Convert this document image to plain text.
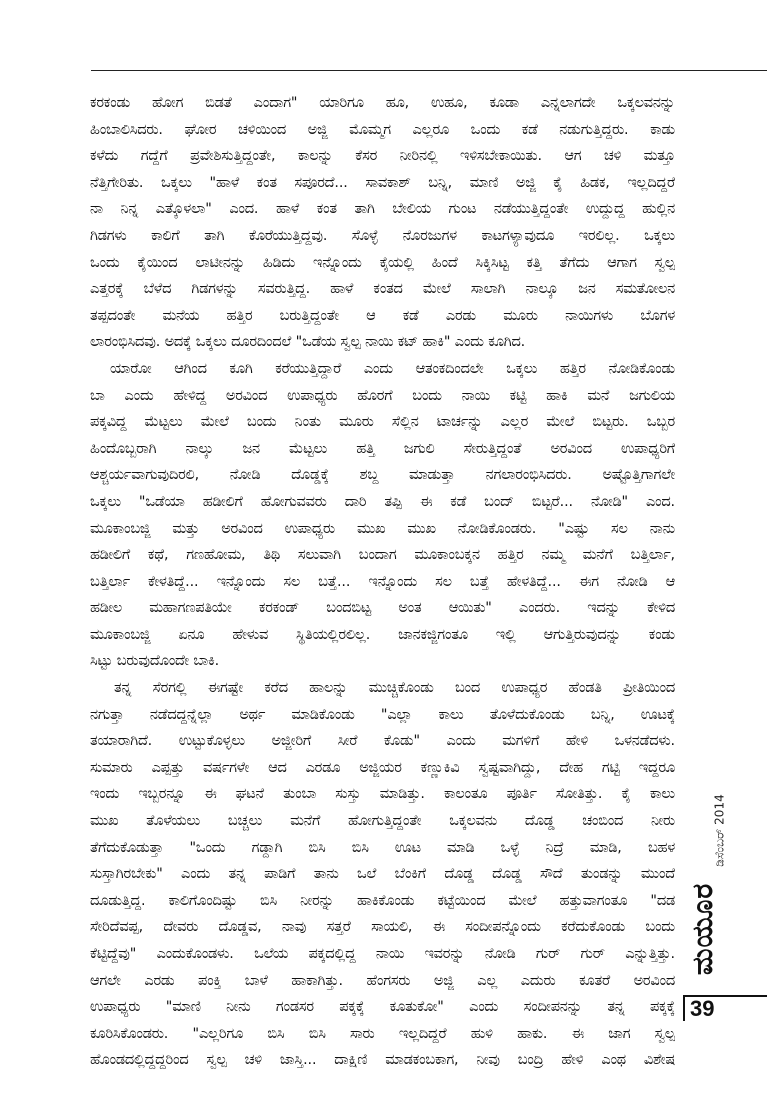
ಕರಕಂಡು ಹೋಗ ಬಿಡತೆ ಎಂದಾಗ" ಯಾರಿಗೂ ಹೂ, ಉಹೂ, ಕೂಡಾ ಎನ್ನಲಾಗದೇ ಒಕ್ಕಲವನನ್ನು

ಹಿಂಬಾಲಿಸಿದರು. ಘೋರ ಚಳಿಯಿಂದ ಅಜ್ಜಿ ಮೊಮ್ಮಗ ಎಲ್ಲರೂ ಒಂದು ಕಡೆ ನಡುಗುತ್ತಿದ್ದರು. ಕಾಡು

ಕಳೆದು ಗದ್ದೆಗೆ ಪ್ರವೇಶಿಸುತ್ತಿದ್ದಂತೇ, ಕಾಲನ್ನು ಕೆಸರ ನೀರಿನಲ್ಲಿ ಇಳಿಸಬೇಕಾಯಿತು. ಆಗ ಚಳಿ ಮತ್ತೂ

ನೆತ್ತಿಗೇರಿತು. ಒಕ್ಕಲು "ಹಾಳೆ ಕಂತ ಸಪೂರದೆ... ಸಾವಕಾಶ್ ಬನ್ನಿ, ಮಾಣಿ ಅಜ್ಜಿ ಕೈ ಹಿಡಕ, ಇಲ್ಲದಿದ್ದರೆ

ನಾ ನಿನ್ನ ಎತ್ಕೊಳಲಾ" ಎಂದ. ಹಾಳೆ ಕಂತ ತಾಗಿ ಬೇಲಿಯ ಗುಂಟ ನಡೆಯುತ್ತಿದ್ದಂತೇ ಉದ್ದುದ್ದ ಹುಲ್ಲಿನ

ಗಿಡಗಳು ಕಾಲಿಗೆ ತಾಗಿ ಕೊರೆಯುತ್ತಿದ್ದವು. ಸೊಳ್ಳೆ ನೊರಜುಗಳ ಕಾಟಗಳ್ಯಾವುದೂ ಇರಲಿಲ್ಲ. ಒಕ್ಕಲು

ಒಂದು ಕೈಯಿಂದ ಲಾಟೀನನ್ನು ಹಿಡಿದು ಇನ್ನೊಂದು ಕೈಯಲ್ಲಿ ಹಿಂದೆ ಸಿಕ್ಕಿಸಿಟ್ಟ ಕತ್ತಿ ತೆಗೆದು ಆಗಾಗ ಸ್ವಲ್ಪ

ಎತ್ತರಕ್ಕೆ ಬೆಳೆದ ಗಿಡಗಳನ್ನು ಸವರುತ್ತಿದ್ದ. ಹಾಳೆ ಕಂತದ ಮೇಲೆ ಸಾಲಾಗಿ ನಾಲ್ಕೂ ಜನ ಸಮತೋಲನ

ತಪ್ಪದಂತೇ ಮನೆಯ ಹತ್ತಿರ ಬರುತ್ತಿದ್ದಂತೇ ಆ ಕಡೆ ಎರಡು ಮೂರು ನಾಯಿಗಳು ಬೊಗಳ

ಲಾರಂಭಿಸಿದವು. ಅದಕ್ಕೆ ಒಕ್ಕಲು ದೂರದಿಂದಲೆ "ಒಡೆಯ ಸ್ವಲ್ಪ ನಾಯಿ ಕಟ್ ಹಾಕಿ" ಎಂದು ಕೂಗಿದ.

ಯಾರೋ ಆಗಿಂದ ಕೂಗಿ ಕರೆಯುತ್ತಿದ್ದಾರೆ ಎಂದು ಆತಂಕದಿಂದಲೇ ಒಕ್ಕಲು ಹತ್ತಿರ ನೋಡಿಕೊಂಡು

ಬಾ ಎಂದು ಹೇಳಿದ್ದ ಅರವಿಂದ ಉಪಾಧ್ಯರು ಹೊರಗೆ ಬಂದು ನಾಯಿ ಕಟ್ಟಿ ಹಾಕಿ ಮನೆ ಜಗುಲಿಯ

ಪಕ್ಕವಿದ್ದ ಮೆಟ್ಟಲು ಮೇಲೆ ಬಂದು ನಿಂತು ಮೂರು ಸೆಲ್ಲಿನ ಟಾರ್ಚನ್ನು ಎಲ್ಲರ ಮೇಲೆ ಬಿಟ್ಟರು. ಒಬ್ಬರ

ಹಿಂದೊಬ್ಬರಾಗಿ ನಾಲ್ಕು ಜನ ಮೆಟ್ಟಲು ಹತ್ತಿ ಜಗುಲಿ ಸೇರುತ್ತಿದ್ದಂತೆ ಅರವಿಂದ ಉಪಾಧ್ಯರಿಗೆ

ಆಶ್ಚರ್ಯವಾಗುವುದಿರಲಿ, ನೋಡಿ ದೊಡ್ಡಕ್ಕೆ ಶಬ್ದ ಮಾಡುತ್ತಾ ನಗಲಾರಂಭಿಸಿದರು. ಅಷ್ಟೊತ್ತಿಗಾಗಲೇ

ಒಕ್ಕಲು "ಒಡೆಯಾ ಹಡೀಲಿಗೆ ಹೋಗುವವರು ದಾರಿ ತಪ್ಪಿ ಈ ಕಡೆ ಬಂದ್ ಬಿಟ್ಟರೆ... ನೋಡಿ" ಎಂದ.

ಮೂಕಾಂಬಜ್ಜಿ ಮತ್ತು ಅರವಿಂದ ಉಪಾಧ್ಯರು ಮುಖ ಮುಖ ನೋಡಿಕೊಂಡರು. "ಎಷ್ಟು ಸಲ ನಾನು

ಹಡೀಲಿಗೆ ಕಥೆ, ಗಣಹೋಮ, ತಿಥಿ ಸಲುವಾಗಿ ಬಂದಾಗ ಮೂಕಾಂಬಕ್ಕನ ಹತ್ತಿರ ನಮ್ಮ ಮನೆಗೆ ಬತ್ತಿರ್ಲಾ,

ಬತ್ತಿರ್ಲಾ ಕೇಳತಿದ್ದೆ... ಇನ್ನೊಂದು ಸಲ ಬತ್ತೆ... ಇನ್ನೊಂದು ಸಲ ಬತ್ತೆ ಹೇಳತಿದ್ದೆ... ಈಗ ನೋಡಿ ಆ

ಹಡೀಲ ಮಹಾಗಣಪತಿಯೇ ಕರಕಂಡ್ ಬಂದಬಿಟ್ಟ ಅಂತ ಆಯಿತು" ಎಂದರು. ಇದನ್ನು ಕೇಳಿದ

ಮೂಕಾಂಬಜ್ಜಿ ಏನೂ ಹೇಳುವ ಸ್ಥಿತಿಯಲ್ಲಿರಲಿಲ್ಲ. ಜಾನಕಜ್ಜಿಗಂತೂ ಇಲ್ಲಿ ಆಗುತ್ತಿರುವುದನ್ನು ಕಂಡು

ಸಿಟ್ಟು ಬರುವುದೊಂದೇ ಬಾಕಿ.

ತನ್ನ ಸೆರಗಲ್ಲಿ ಈಗಷ್ಟೇ ಕರೆದ ಹಾಲನ್ನು ಮುಚ್ಚಿಕೊಂಡು ಬಂದ ಉಪಾಧ್ಯರ ಹೆಂಡತಿ ಪ್ರೀತಿಯಿಂದ

ನಗುತ್ತಾ ನಡೆದದ್ದನ್ನೆಲ್ಲಾ ಅರ್ಥ ಮಾಡಿಕೊಂಡು "ಎಲ್ಲಾ ಕಾಲು ತೊಳೆದುಕೊಂಡು ಬನ್ನಿ, ಊಟಕ್ಕೆ

ತಯಾರಾಗಿದೆ. ಉಟ್ಟುಕೊಳ್ಳಲು ಅಜ್ಜೀರಿಗೆ ಸೀರೆ ಕೊಡು" ಎಂದು ಮಗಳಿಗೆ ಹೇಳಿ ಒಳನಡೆದಳು.

ಸುಮಾರು ಎಪ್ಪತ್ತು ವರ್ಷಗಳೇ ಆದ ಎರಡೂ ಅಜ್ಜಿಯರ ಕಣ್ಣುಕಿವಿ ಸ್ವಷ್ಟವಾಗಿದ್ದು, ದೇಹ ಗಟ್ಟಿ ಇದ್ದರೂ

ಇಂದು ಇಬ್ಬರನ್ನೂ ಈ ಘಟನೆ ತುಂಬಾ ಸುಸ್ತು ಮಾಡಿತ್ತು. ಕಾಲಂತೂ ಪೂರ್ತಿ ಸೋತಿತ್ತು. ಕೈ ಕಾಲು

ಮುಖ ತೊಳೆಯಲು ಬಚ್ಚಲು ಮನೆಗೆ ಹೋಗುತ್ತಿದ್ದಂತೇ ಒಕ್ಕಲವನು ದೊಡ್ಡ ಚಂಬಿಂದ ನೀರು

ತೆಗೆದುಕೊಡುತ್ತಾ "ಒಂದು ಗಡ್ದಾಗಿ ಬಿಸಿ ಬಿಸಿ ಊಟ ಮಾಡಿ ಒಳ್ಳೆ ನಿದ್ರೆ ಮಾಡಿ, ಬಹಳ

ಸುಸ್ತಾಗಿರಬೇಕು" ಎಂದು ತನ್ನ ಪಾಡಿಗೆ ತಾನು ಒಲೆ ಬೆಂಕಿಗೆ ದೊಡ್ಡ ದೊಡ್ಡ ಸೌದೆ ತುಂಡನ್ನು ಮುಂದೆ

ದೂಡುತ್ತಿದ್ದ. ಕಾಲಿಗೊಂದಿಷ್ಟು ಬಿಸಿ ನೀರನ್ನು ಹಾಕಿಕೊಂಡು ಕಟ್ಟೆಯಿಂದ ಮೇಲೆ ಹತ್ತುವಾಗಂತೂ "ದಡ

ಸೇರಿದೆವಪ್ಪ, ದೇವರು ದೊಡ್ಡವ, ನಾವು ಸತ್ತರೆ ಸಾಯಲಿ, ಈ ಸಂದೀಪನ್ನೊಂದು ಕರೆದುಕೊಂಡು ಬಂದು

ಕೆಟ್ಟಿದ್ದೆವು" ಎಂದುಕೊಂಡಳು. ಒಲೆಯ ಪಕ್ಕದಲ್ಲಿದ್ದ ನಾಯಿ ಇವರನ್ನು ನೋಡಿ ಗುರ್ ಗುರ್ ಎನ್ನುತ್ತಿತ್ತು.

ಆಗಲೇ ಎರಡು ಪಂಕ್ತಿ ಬಾಳೆ ಹಾಕಾಗಿತ್ತು. ಹೆಂಗಸರು ಅಜ್ಜಿ ಎಲ್ಲ ಎದುರು ಕೂತರೆ ಅರವಿಂದ

ಉಪಾಧ್ಯರು "ಮಾಣಿ ನೀನು ಗಂಡಸರ ಪಕ್ಕಕ್ಕೆ ಕೂತುಕೋ" ಎಂದು ಸಂದೀಪನನ್ನು ತನ್ನ ಪಕ್ಕಕ್ಕೆ

ಕೂರಿಸಿಕೊಂಡರು. "ಎಲ್ಲರಿಗೂ ಬಿಸಿ ಬಿಸಿ ಸಾರು ಇಲ್ಲದಿದ್ದರೆ ಹುಳಿ ಹಾಕು. ಈ ಜಾಗ ಸ್ವಲ್ಪ

ಹೊಂಡದಲ್ಲಿದ್ದದ್ದರಿಂದ ಸ್ವಲ್ಪ ಚಳಿ ಜಾಸ್ತಿ... ದಾಕ್ಷಿಣಿ ಮಾಡಕಂಬಕಾಗ, ನೀವು ಬಂದ್ರಿ ಹೇಳಿ ಎಂಥ ವಿಶೇಷ

ಡಿಸೆಂಬರ್ 2014
ಮಯೂರ
39
